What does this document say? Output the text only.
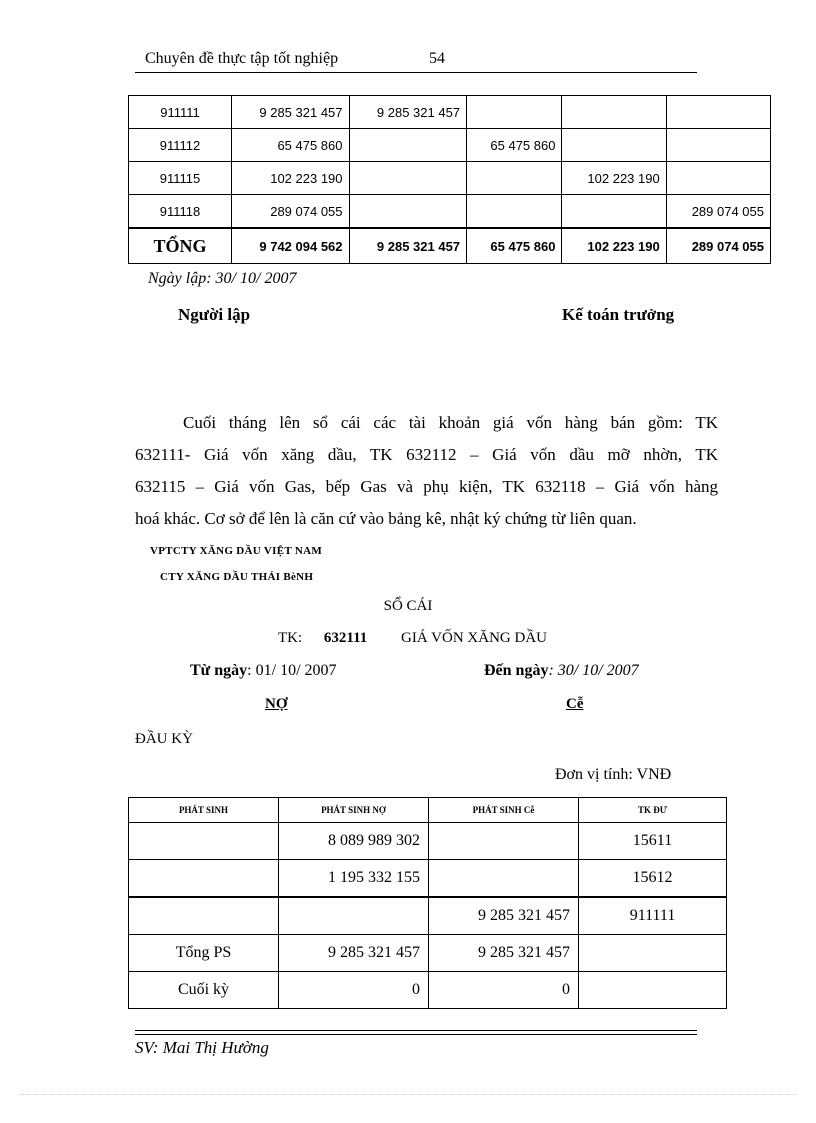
Chuyên đề thực tập tốt nghiệp	54
911111	9 285 321 457	9 285 321 457			
911112	65 475 860		65 475 860		
911115	102 223 190			102 223 190	
911118	289 074 055				289 074 055
TỔNG	9 742 094 562	9 285 321 457	65 475 860	102 223 190	289 074 055
Ngày lập: 30/ 10/ 2007
Người lập	Kế toán trưởng
Cuối tháng lên sổ cái các tài khoản giá vốn hàng bán gồm: TK
632111- Giá vốn xăng dầu, TK 632112 – Giá vốn dầu mỡ nhờn, TK
632115 – Giá vốn Gas, bếp Gas và phụ kiện, TK 632118 – Giá vốn hàng
hoá khác. Cơ sở để lên là căn cứ vào bảng kê, nhật ký chứng từ liên quan.
VPTCTY XĂNG DẦU VIỆT NAM
CTY XĂNG DẦU THÁI BèNH
SỔ CÁI
TK: 632111 GIÁ VỐN XĂNG DẦU
Từ ngày: 01/ 10/ 2007	Đến ngày: 30/ 10/ 2007
NỢ	Cễ
ĐẦU KỲ
Đơn vị tính: VNĐ
PHÁT SINH	PHÁT SINH NỢ	PHÁT SINH Cễ	TK ĐƯ
	8 089 989 302		15611
	1 195 332 155		15612
		9 285 321 457	911111
Tổng PS	9 285 321 457	9 285 321 457	
Cuối kỳ	0	0	
SV: Mai Thị Hường
